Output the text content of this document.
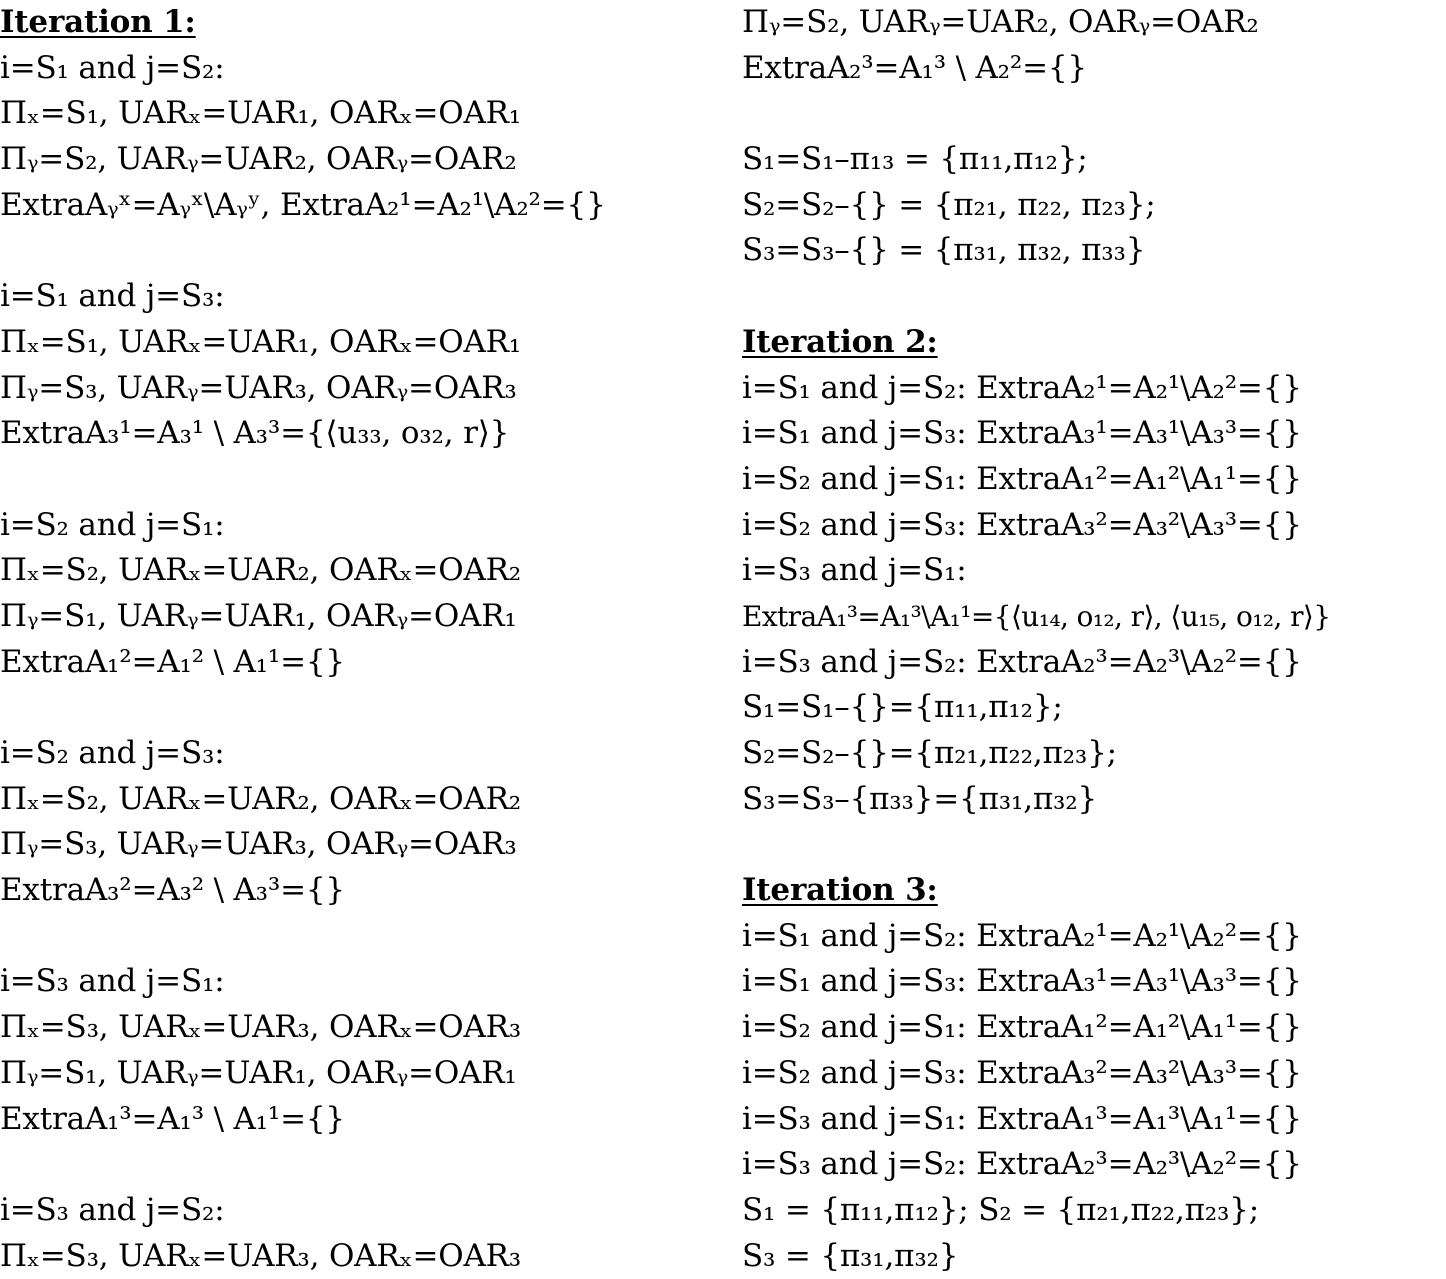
Iteration 1:
i=S₁ and j=S₂:
Πₓ=S₁, UARₓ=UAR₁, OARₓ=OAR₁
Πᵧ=S₂, UARᵧ=UAR₂, OARᵧ=OAR₂
ExtraAᵧˣ=Aᵧˣ\Aᵧʸ, ExtraA₂¹=A₂¹\A₂²={}
i=S₁ and j=S₃:
Πₓ=S₁, UARₓ=UAR₁, OARₓ=OAR₁
Πᵧ=S₃, UARᵧ=UAR₃, OARᵧ=OAR₃
ExtraA₃¹=A₃¹ \ A₃³={⟨u₃₃, o₃₂, r⟩}
i=S₂ and j=S₁:
Πₓ=S₂, UARₓ=UAR₂, OARₓ=OAR₂
Πᵧ=S₁, UARᵧ=UAR₁, OARᵧ=OAR₁
ExtraA₁²=A₁² \ A₁¹={}
i=S₂ and j=S₃:
Πₓ=S₂, UARₓ=UAR₂, OARₓ=OAR₂
Πᵧ=S₃, UARᵧ=UAR₃, OARᵧ=OAR₃
ExtraA₃²=A₃² \ A₃³={}
i=S₃ and j=S₁:
Πₓ=S₃, UARₓ=UAR₃, OARₓ=OAR₃
Πᵧ=S₁, UARᵧ=UAR₁, OARᵧ=OAR₁
ExtraA₁³=A₁³ \ A₁¹={}
i=S₃ and j=S₂:
Πₓ=S₃, UARₓ=UAR₃, OARₓ=OAR₃
Πᵧ=S₂, UARᵧ=UAR₂, OARᵧ=OAR₂
ExtraA₂³=A₁³ \ A₂²={}
S₁=S₁–π₁₃ = {π₁₁,π₁₂};
S₂=S₂–{} = {π₂₁, π₂₂, π₂₃};
S₃=S₃–{} = {π₃₁, π₃₂, π₃₃}
Iteration 2:
i=S₁ and j=S₂: ExtraA₂¹=A₂¹\A₂²={}
i=S₁ and j=S₃: ExtraA₃¹=A₃¹\A₃³={}
i=S₂ and j=S₁: ExtraA₁²=A₁²\A₁¹={}
i=S₂ and j=S₃: ExtraA₃²=A₃²\A₃³={}
i=S₃ and j=S₁:
ExtraA₁³=A₁³\A₁¹={⟨u₁₄, o₁₂, r⟩, ⟨u₁₅, o₁₂, r⟩}
i=S₃ and j=S₂: ExtraA₂³=A₂³\A₂²={}
S₁=S₁–{}={π₁₁,π₁₂};
S₂=S₂–{}={π₂₁,π₂₂,π₂₃};
S₃=S₃–{π₃₃}={π₃₁,π₃₂}
Iteration 3:
i=S₁ and j=S₂: ExtraA₂¹=A₂¹\A₂²={}
i=S₁ and j=S₃: ExtraA₃¹=A₃¹\A₃³={}
i=S₂ and j=S₁: ExtraA₁²=A₁²\A₁¹={}
i=S₂ and j=S₃: ExtraA₃²=A₃²\A₃³={}
i=S₃ and j=S₁: ExtraA₁³=A₁³\A₁¹={}
i=S₃ and j=S₂: ExtraA₂³=A₂³\A₂²={}
S₁ = {π₁₁,π₁₂}; S₂ = {π₂₁,π₂₂,π₂₃};
S₃ = {π₃₁,π₃₂}
